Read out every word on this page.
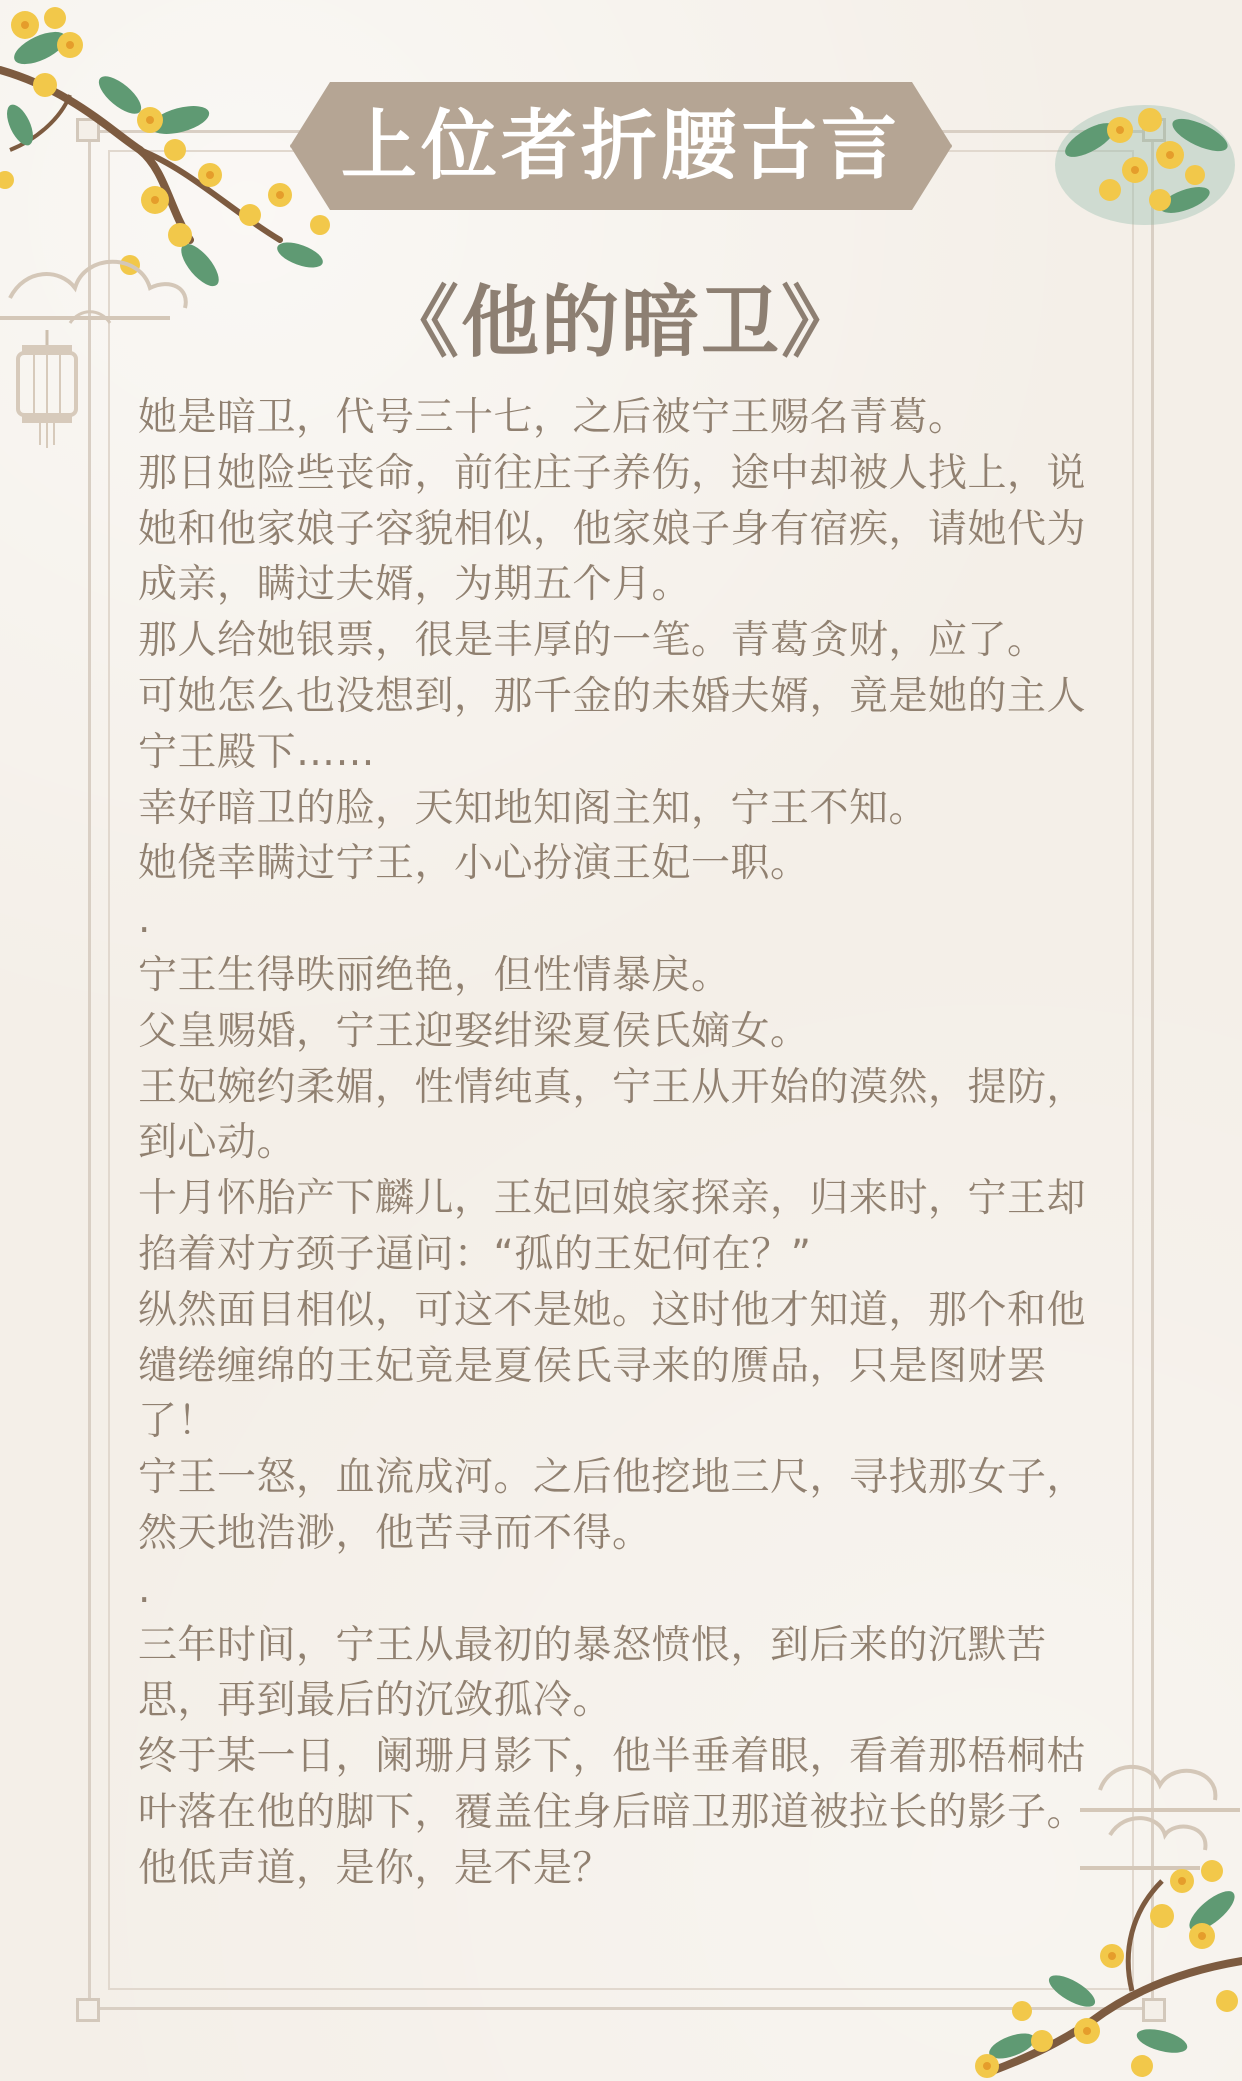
上位者折腰古言
《他的暗卫》

她是暗卫，代号三十七，之后被宁王赐名青葛。

那日她险些丧命，前往庄子养伤，途中却被人找上，说她和他家娘子容貌相似，他家娘子身有宿疾，请她代为成亲，瞒过夫婿，为期五个月。

那人给她银票，很是丰厚的一笔。青葛贪财，应了。

可她怎么也没想到，那千金的未婚夫婿，竟是她的主人宁王殿下……

幸好暗卫的脸，天知地知阁主知，宁王不知。

她侥幸瞒过宁王，小心扮演王妃一职。

.

宁王生得昳丽绝艳，但性情暴戾。

父皇赐婚，宁王迎娶绀梁夏侯氏嫡女。

王妃婉约柔媚，性情纯真，宁王从开始的漠然，提防，到心动。

十月怀胎产下麟儿，王妃回娘家探亲，归来时，宁王却掐着对方颈子逼问：“孤的王妃何在？”

纵然面目相似，可这不是她。这时他才知道，那个和他缱绻缠绵的王妃竟是夏侯氏寻来的赝品，只是图财罢了！

宁王一怒，血流成河。之后他挖地三尺，寻找那女子，然天地浩渺，他苦寻而不得。

.

三年时间，宁王从最初的暴怒愤恨，到后来的沉默苦思，再到最后的沉敛孤冷。

终于某一日，阑珊月影下，他半垂着眼，看着那梧桐枯叶落在他的脚下，覆盖住身后暗卫那道被拉长的影子。

他低声道，是你，是不是？
